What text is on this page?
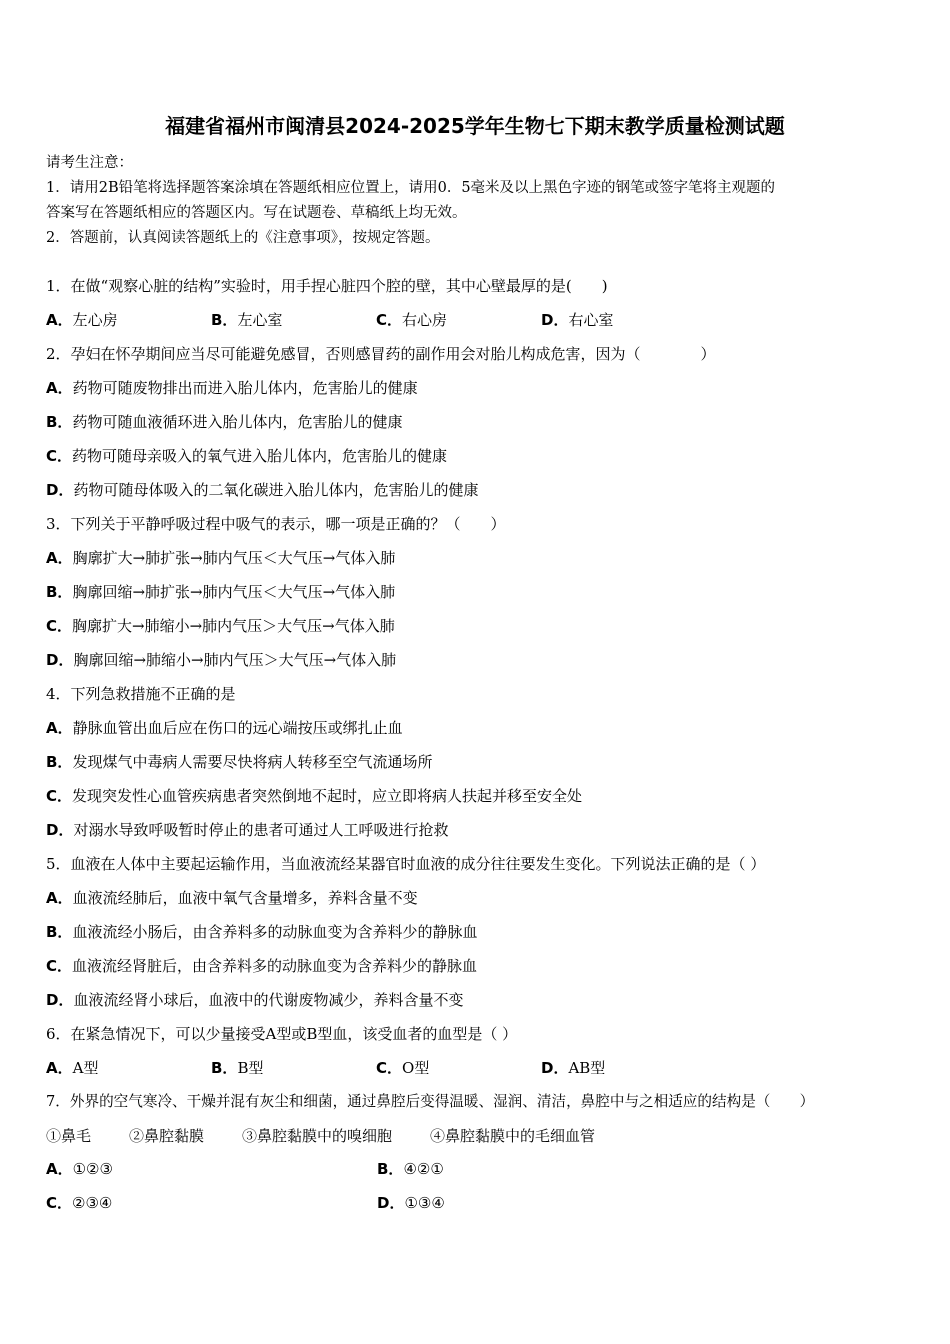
福建省福州市闽清县2024-2025学年生物七下期末教学质量检测试题
请考生注意：
1．请用2B铅笔将选择题答案涂填在答题纸相应位置上，请用0．5毫米及以上黑色字迹的钢笔或签字笔将主观题的
答案写在答题纸相应的答题区内。写在试题卷、草稿纸上均无效。
2．答题前，认真阅读答题纸上的《注意事项》，按规定答题。
1．在做“观察心脏的结构”实验时，用手捏心脏四个腔的壁，其中心壁最厚的是(　　)
A．左心房	B．左心室	C．右心房	D．右心室
2．孕妇在怀孕期间应当尽可能避免感冒，否则感冒药的副作用会对胎儿构成危害，因为（　　　　）
A．药物可随废物排出而进入胎儿体内，危害胎儿的健康
B．药物可随血液循环进入胎儿体内，危害胎儿的健康
C．药物可随母亲吸入的氧气进入胎儿体内，危害胎儿的健康
D．药物可随母体吸入的二氧化碳进入胎儿体内，危害胎儿的健康
3．下列关于平静呼吸过程中吸气的表示，哪一项是正确的？（　　）
A．胸廓扩大→肺扩张→肺内气压＜大气压→气体入肺
B．胸廓回缩→肺扩张→肺内气压＜大气压→气体入肺
C．胸廓扩大→肺缩小→肺内气压＞大气压→气体入肺
D．胸廓回缩→肺缩小→肺内气压＞大气压→气体入肺
4．下列急救措施不正确的是
A．静脉血管出血后应在伤口的远心端按压或绑扎止血
B．发现煤气中毒病人需要尽快将病人转移至空气流通场所
C．发现突发性心血管疾病患者突然倒地不起时，应立即将病人扶起并移至安全处
D．对溺水导致呼吸暂时停止的患者可通过人工呼吸进行抢救
5．血液在人体中主要起运输作用，当血液流经某器官时血液的成分往往要发生变化。下列说法正确的是（ ）
A．血液流经肺后，血液中氧气含量增多，养料含量不变
B．血液流经小肠后，由含养料多的动脉血变为含养料少的静脉血
C．血液流经肾脏后，由含养料多的动脉血变为含养料少的静脉血
D．血液流经肾小球后，血液中的代谢废物减少，养料含量不变
6．在紧急情况下，可以少量接受A型或B型血，该受血者的血型是（ ）
A．A型	B．B型	C．O型	D．AB型
7．外界的空气寒冷、干燥并混有灰尘和细菌，通过鼻腔后变得温暖、湿润、清洁，鼻腔中与之相适应的结构是（　　）
①鼻毛	②鼻腔黏膜	③鼻腔黏膜中的嗅细胞	④鼻腔黏膜中的毛细血管
A．①②③	B．④②①
C．②③④	D．①③④
